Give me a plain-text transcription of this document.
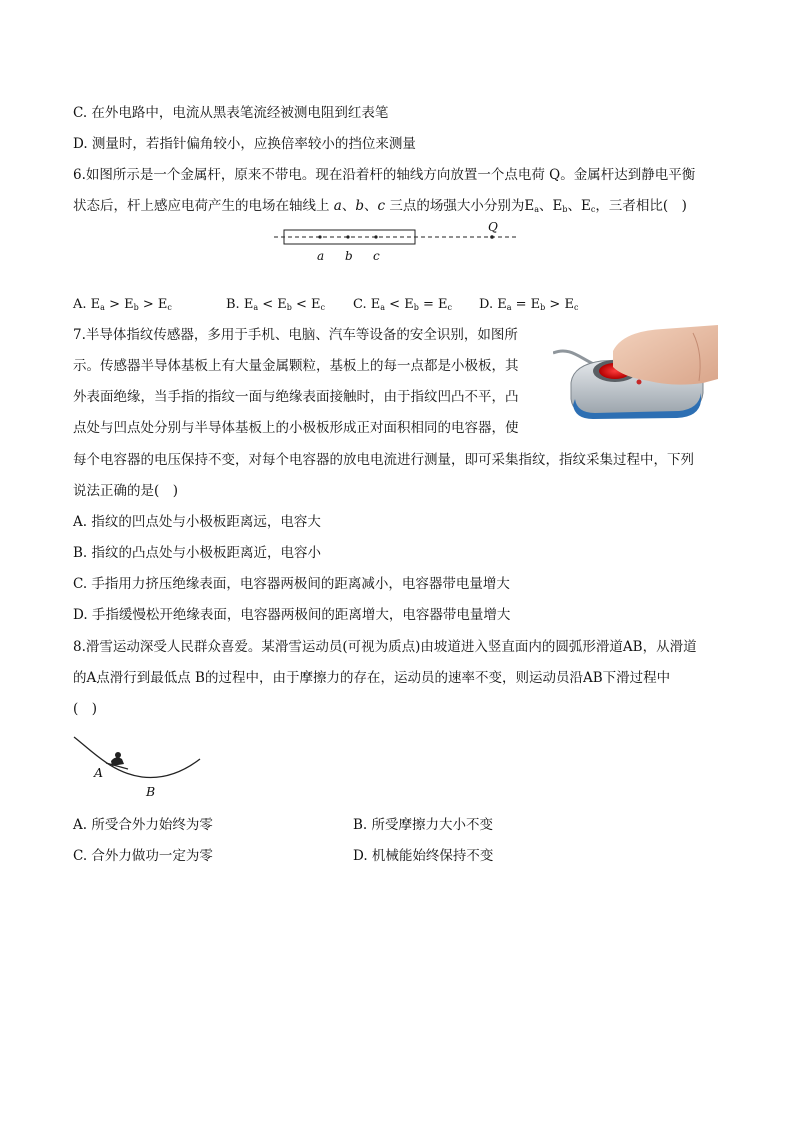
C. 在外电路中，电流从黑表笔流经被测电阻到红表笔
D. 测量时，若指针偏角较小，应换倍率较小的挡位来测量
6.如图所示是一个金属杆，原来不带电。现在沿着杆的轴线方向放置一个点电荷 Q。金属杆达到静电平衡
状态后，杆上感应电荷产生的电场在轴线上 a、b、c 三点的场强大小分别为$E_a$、$E_b$、$E_c$，三者相比(　)
Q
a b c
A. $E_a > E_b > E_c$	B. $E_a < E_b < E_c$ C. $E_a < E_b = E_c$ D. $E_a = E_b > E_c$
7.半导体指纹传感器，多用于手机、电脑、汽车等设备的安全识别，如图所
示。传感器半导体基板上有大量金属颗粒，基板上的每一点都是小极板，其
外表面绝缘，当手指的指纹一面与绝缘表面接触时，由于指纹凹凸不平，凸
点处与凹点处分别与半导体基板上的小极板形成正对面积相同的电容器，使
每个电容器的电压保持不变，对每个电容器的放电电流进行测量，即可采集指纹，指纹采集过程中，下列
说法正确的是(　)
A. 指纹的凹点处与小极板距离远，电容大
B. 指纹的凸点处与小极板距离近，电容小
C. 手指用力挤压绝缘表面，电容器两极间的距离减小，电容器带电量增大
D. 手指缓慢松开绝缘表面，电容器两极间的距离增大，电容器带电量增大
8.滑雪运动深受人民群众喜爱。某滑雪运动员(可视为质点)由坡道进入竖直面内的圆弧形滑道AB，从滑道
的A点滑行到最低点 B的过程中，由于摩擦力的存在，运动员的速率不变，则运动员沿AB下滑过程中
(　)
A
B
A. 所受合外力始终为零	B. 所受摩擦力大小不变
C. 合外力做功一定为零	D. 机械能始终保持不变
